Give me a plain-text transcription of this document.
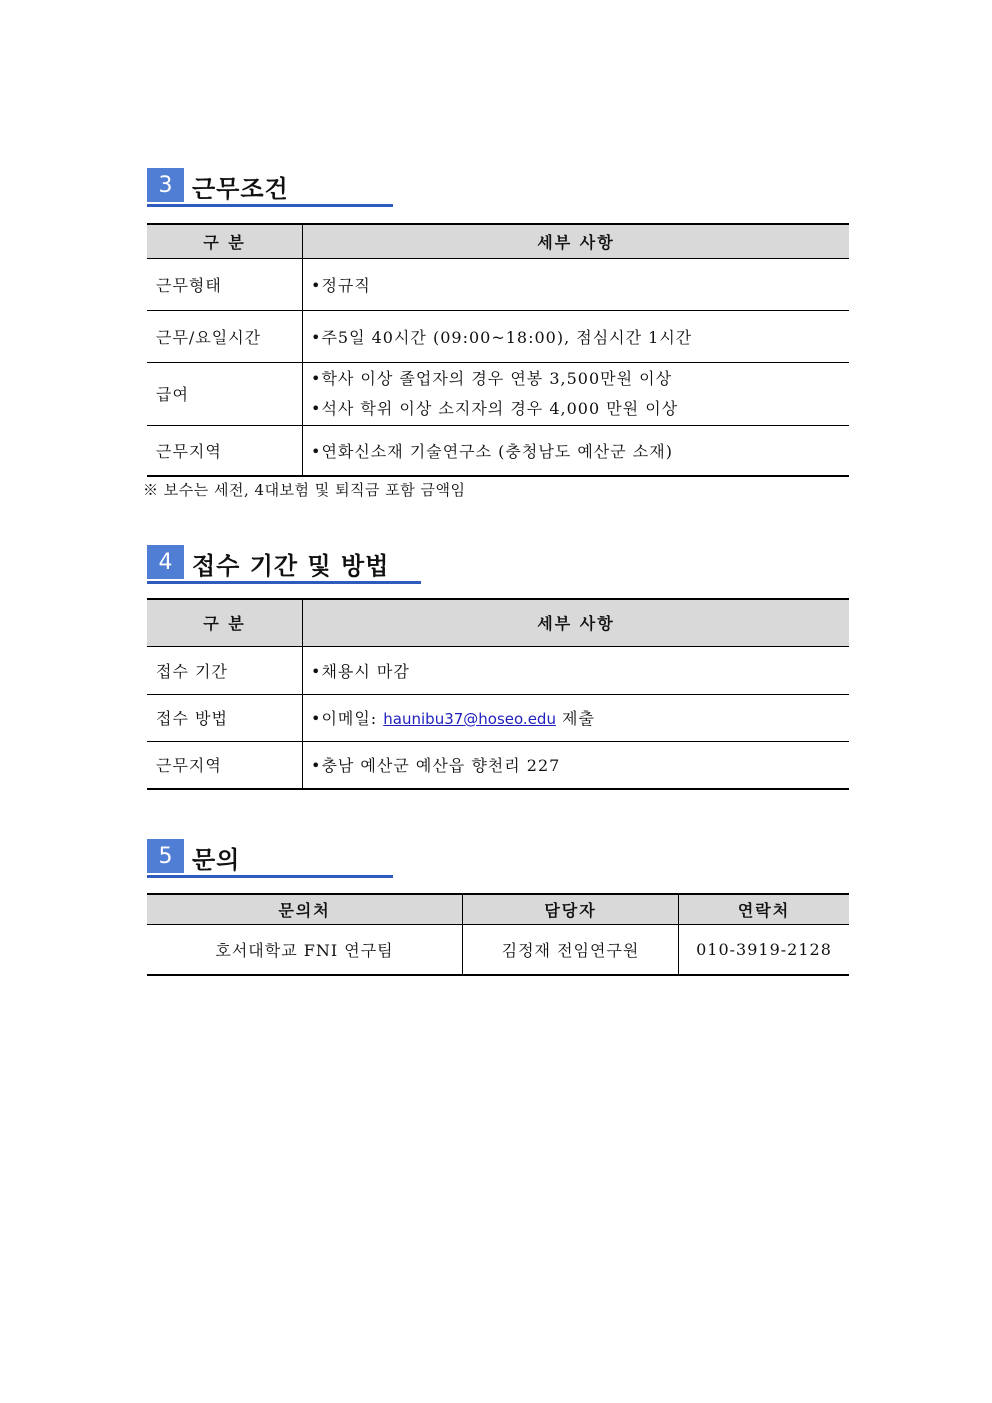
3 근무조건
구 분	세부 사항
근무형태	•정규직
근무/요일시간	•주5일 40시간 (09:00~18:00), 점심시간 1시간
급여	•학사 이상 졸업자의 경우 연봉 3,500만원 이상
•석사 학위 이상 소지자의 경우 4,000 만원 이상

근무지역	•연화신소재 기술연구소 (충청남도 예산군 소재)
※ 보수는 세전, 4대보험 및 퇴직금 포함 금액임
4 접수 기간 및 방법
구 분	세부 사항
접수 기간	•채용시 마감
접수 방법	•이메일: haunibu37@hoseo.edu 제출
근무지역	•충남 예산군 예산읍 향천리 227
5 문의
문의처	담당자	연락처
호서대학교 FNI 연구팀	김정재 전임연구원	010-3919-2128
